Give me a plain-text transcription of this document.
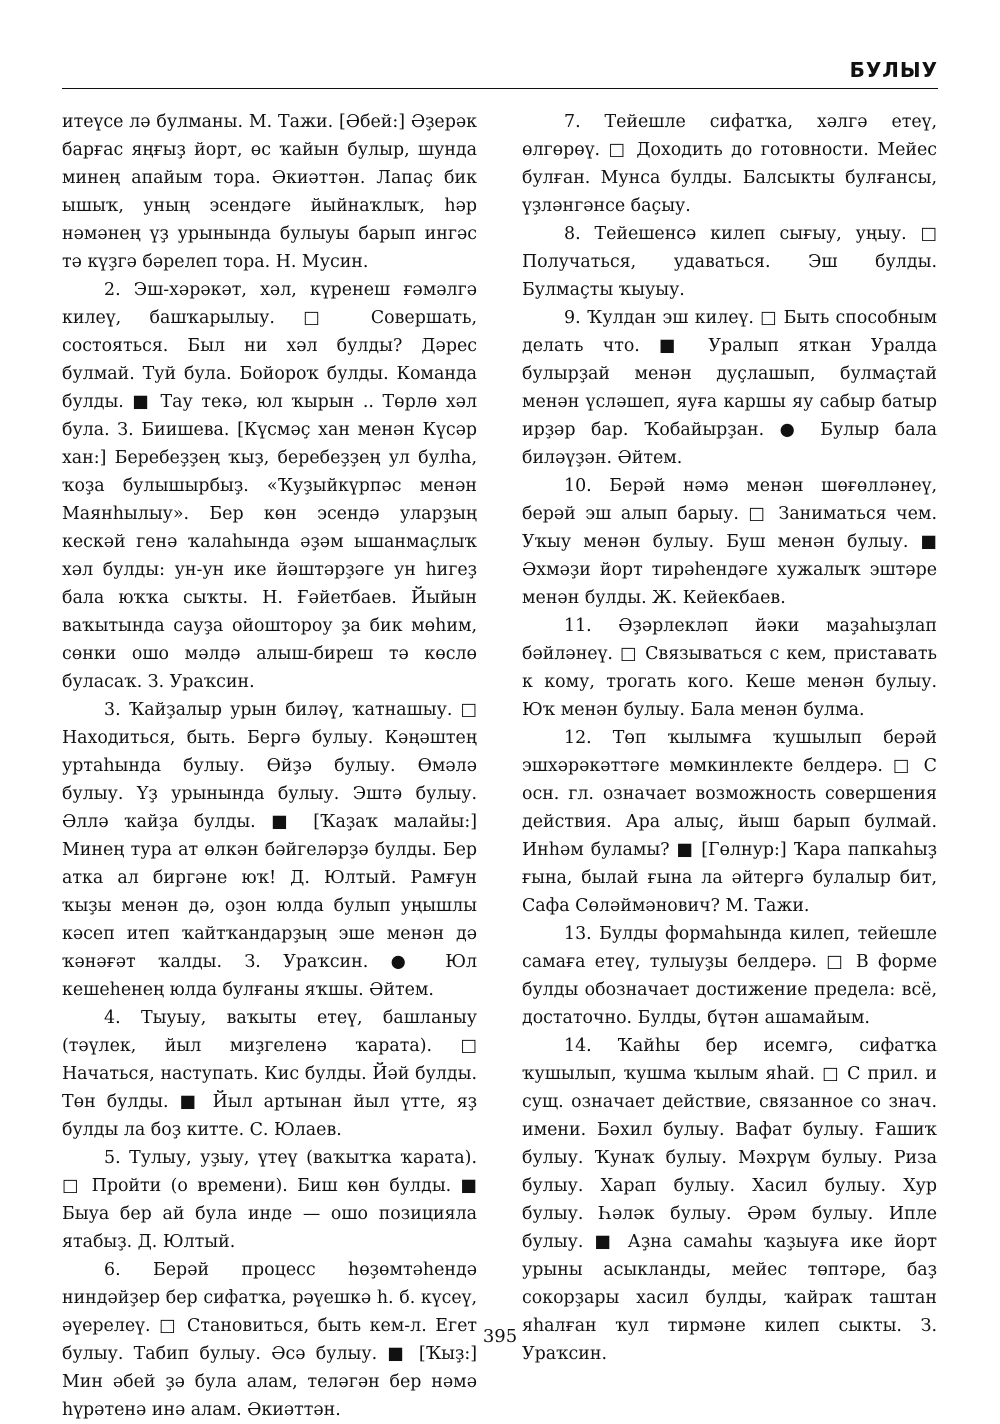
БУЛЫУ

итеүсе лә булманы. М. Тажи. [Әбей:] Әҙерәк барғас яңғыҙ йорт, өс ҡайын булыр, шунда минең апайым тора. Әкиәттән. Лапаҫ бик ышыҡ, уның эсендәге йыйнаҡлыҡ, һәр нәмәнең үҙ урынында булыуы барып ингәс тә күҙгә бәрелеп тора. Н. Мусин.

2. Эш-хәрәкәт, хәл, күренеш ғәмәлгә килеү, башҡарылыу. □ Совершать, состояться. Был ни хәл булды? Дәрес булмай. Туй була. Бойороҡ булды. Команда булды. ■ Тау текә, юл ҡырын .. Төрлө хәл була. З. Биишева. [Күсмәҫ хан менән Күсәр хан:] Беребеҙҙең ҡыҙ, беребеҙҙең ул булһа, ҡоҙа булышырбыҙ. «Ҡуҙыйкүрпәс менән Маянһылыу». Бер көн эсендә уларҙың кескәй генә ҡалаһында әҙәм ышанмаҫлыҡ хәл булды: ун-ун ике йәштәрҙәге ун һигеҙ бала юҡҡа сыҡты. Н. Ғәйетбаев. Йыйын ваҡытында сауҙа ойоштороу ҙа бик мөһим, сөнки ошо мәлдә алыш-биреш тә көслө буласаҡ. З. Ураҡсин.

3. Ҡайҙалыр урын биләү, ҡатнашыу. □ Находиться, быть. Бергә булыу. Кәңәштең уртаһында булыу. Өйҙә булыу. Өмәлә булыу. Үҙ урынында булыу. Эштә булыу. Әллә ҡайҙа булды. ■ [Ҡаҙаҡ малайы:] Минең тура ат өлкән бәйгеләрҙә булды. Бер атка ал биргәне юҡ! Д. Юлтый. Рамғун ҡыҙы менән дә, оҙон юлда булып уңышлы кәсеп итеп ҡайтҡандарҙың эше менән дә ҡәнәғәт ҡалды. З. Ураҡсин. ● Юл кешеһенең юлда булғаны яҡшы. Әйтем.

4. Тыуыу, ваҡыты етеү, башланыу (тәүлек, йыл миҙгеленә ҡарата). □ Начаться, наступать. Кис булды. Йәй булды. Төн булды. ■ Йыл артынан йыл үтте, яҙ булды ла боҙ китте. С. Юлаев.

5. Тулыу, уҙыу, үтеү (ваҡытҡа ҡарата). □ Пройти (о времени). Биш көн булды. ■ Быуа бер ай була инде — ошо позицияла ятабыҙ. Д. Юлтый.

6. Берәй процесс һөҙөмтәһендә ниндәйҙер бер сифатҡа, рәүешкә һ. б. күсеү, әүерелеү. □ Становиться, быть кем-л. Егет булыу. Табип булыу. Әсә булыу. ■ [Ҡыҙ:] Мин әбей ҙә була алам, теләгән бер нәмә һүрәтенә инә алам. Әкиәттән.

7. Тейешле сифатҡа, хәлгә етеү, өлгөрөү. □ Доходить до готовности. Мейес булған. Мунса булды. Балсыкты булғансы, үҙләнгәнсе баҫыу.

8. Тейешенсә килеп сығыу, уңыу. □ Получаться, удаваться. Эш булды. Булмаҫты ҡыуыу.

9. Ҡулдан эш килеү. □ Быть способным делать что. ■ Уралып яткан Уралда булырҙай менән дуҫлашып, булмаҫтай менән үсләшеп, яуға каршы яу сабыр батыр ирҙәр бар. Ҡобайырҙан. ● Булыр бала биләүҙән. Әйтем.

10. Берәй нәмә менән шөғөлләнеү, берәй эш алып барыу. □ Заниматься чем. Уҡыу менән булыу. Буш менән булыу. ■ Әхмәҙи йорт тирәһендәге хужалыҡ эштәре менән булды. Ж. Кейекбаев.

11. Әҙәрлекләп йәки маҙаһыҙлап бәйләнеү. □ Связываться с кем, приставать к кому, трогать кого. Кеше менән булыу. Юҡ менән булыу. Бала менән булма.

12. Төп ҡылымға ҡушылып берәй эшхәрәкәттәге мөмкинлекте белдерә. □ С осн. гл. означает возможность совершения действия. Ара алыҫ, йыш барып булмай. Инһәм буламы? ■ [Гөлнур:] Ҡара папкаһыҙ ғына, былай ғына ла әйтергә булалыр бит, Сафа Сөләймәнович? М. Тажи.

13. Булды формаһында килеп, тейешле самаға етеү, тулыуҙы белдерә. □ В форме булды обозначает достижение предела: всё, достаточно. Булды, бүтән ашамайым.

14. Ҡайһы бер исемгә, сифатҡа ҡушылып, ҡушма ҡылым яһай. □ С прил. и сущ. означает действие, связанное со знач. имени. Бәхил булыу. Вафат булыу. Ғашиҡ булыу. Ҡунаҡ булыу. Мәхрүм булыу. Риза булыу. Харап булыу. Хасил булыу. Хур булыу. Һәләк булыу. Әрәм булыу. Ипле булыу. ■ Аҙна самаһы ҡаҙыуға ике йорт урыны асыкланды, мейес төптәре, баҙ сокорҙары хасил булды, ҡайраҡ таштан яһалған ҡул тирмәне килеп сыкты. З. Ураҡсин.

395
